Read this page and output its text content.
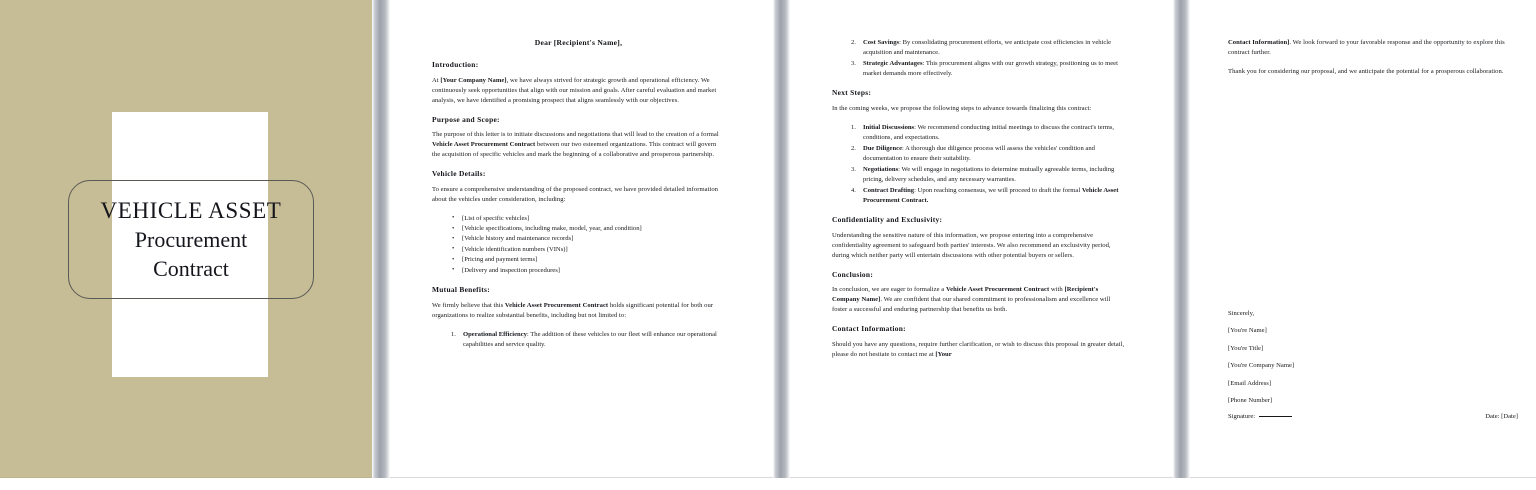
VEHICLE ASSET
Procurement
Contract
Dear [Recipient's Name],
Introduction:

At [Your Company Name], we have always strived for strategic growth and operational efficiency. We continuously seek opportunities that align with our mission and goals. After careful evaluation and market analysis, we have identified a promising prospect that aligns seamlessly with our objectives.

Purpose and Scope:

The purpose of this letter is to initiate discussions and negotiations that will lead to the creation of a formal Vehicle Asset Procurement Contract between our two esteemed organizations. This contract will govern the acquisition of specific vehicles and mark the beginning of a collaborative and prosperous partnership.

Vehicle Details:

To ensure a comprehensive understanding of the proposed contract, we have provided detailed information about the vehicles under consideration, including:

• [List of specific vehicles]
• [Vehicle specifications, including make, model, year, and condition]
• [Vehicle history and maintenance records]
• [Vehicle identification numbers (VINs)]
• [Pricing and payment terms]
• [Delivery and inspection procedures]
Mutual Benefits:

We firmly believe that this Vehicle Asset Procurement Contract holds significant potential for both our organizations to realize substantial benefits, including but not limited to:

Operational Efficiency: The addition of these vehicles to our fleet will enhance our operational capabilities and service quality.
Cost Savings: By consolidating procurement efforts, we anticipate cost efficiencies in vehicle acquisition and maintenance.
Strategic Advantages: This procurement aligns with our growth strategy, positioning us to meet market demands more effectively.
Next Steps:

In the coming weeks, we propose the following steps to advance towards finalizing this contract:

Initial Discussions: We recommend conducting initial meetings to discuss the contract's terms, conditions, and expectations.
Due Diligence: A thorough due diligence process will assess the vehicles' condition and documentation to ensure their suitability.
Negotiations: We will engage in negotiations to determine mutually agreeable terms, including pricing, delivery schedules, and any necessary warranties.
Contract Drafting: Upon reaching consensus, we will proceed to draft the formal Vehicle Asset Procurement Contract.
Confidentiality and Exclusivity:

Understanding the sensitive nature of this information, we propose entering into a comprehensive confidentiality agreement to safeguard both parties' interests. We also recommend an exclusivity period, during which neither party will entertain discussions with other potential buyers or sellers.

Conclusion:

In conclusion, we are eager to formalize a Vehicle Asset Procurement Contract with [Recipient's Company Name]. We are confident that our shared commitment to professionalism and excellence will foster a successful and enduring partnership that benefits us both.

Contact Information:

Should you have any questions, require further clarification, or wish to discuss this proposal in greater detail, please do not hesitate to contact me at [Your

Contact Information]. We look forward to your favorable response and the opportunity to explore this contract further.

Thank you for considering our proposal, and we anticipate the potential for a prosperous collaboration.

Sincerely,
[You're Name]
[You're Title]
[You're Company Name]
[Email Address]
[Phone Number]
Signature:	Date: [Date]
